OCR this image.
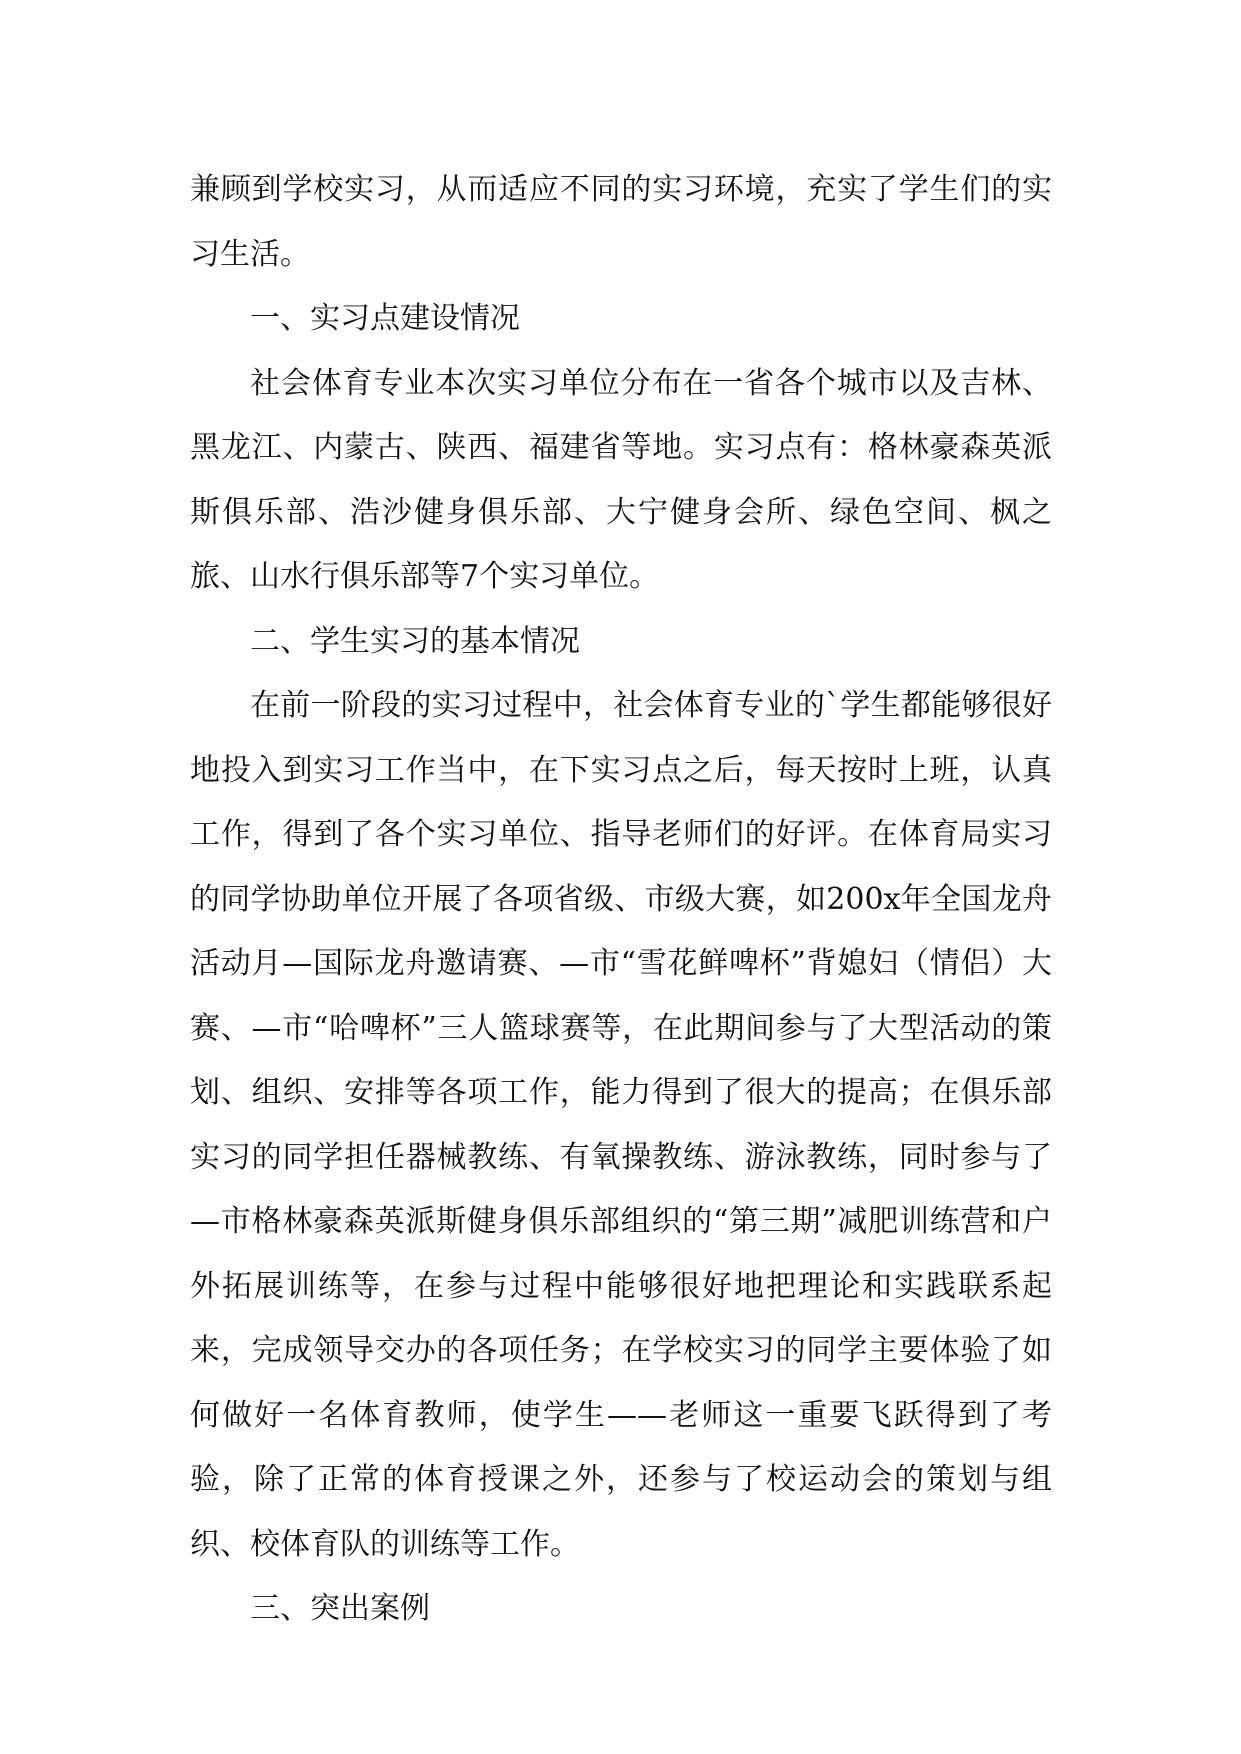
兼顾到学校实习，从而适应不同的实习环境，充实了学生们的实习生活。

一、实习点建设情况

社会体育专业本次实习单位分布在一省各个城市以及吉林、黑龙江、内蒙古、陕西、福建省等地。实习点有：格林豪森英派斯俱乐部、浩沙健身俱乐部、大宁健身会所、绿色空间、枫之旅、山水行俱乐部等7个实习单位。

二、学生实习的基本情况

在前一阶段的实习过程中，社会体育专业的`学生都能够很好地投入到实习工作当中，在下实习点之后，每天按时上班，认真工作，得到了各个实习单位、指导老师们的好评。在体育局实习的同学协助单位开展了各项省级、市级大赛，如200x年全国龙舟活动月—国际龙舟邀请赛、—市“雪花鲜啤杯”背媳妇（情侣）大赛、—市“哈啤杯”三人篮球赛等，在此期间参与了大型活动的策划、组织、安排等各项工作，能力得到了很大的提高；在俱乐部实习的同学担任器械教练、有氧操教练、游泳教练，同时参与了—市格林豪森英派斯健身俱乐部组织的“第三期”减肥训练营和户外拓展训练等，在参与过程中能够很好地把理论和实践联系起来，完成领导交办的各项任务；在学校实习的同学主要体验了如何做好一名体育教师，使学生——老师这一重要飞跃得到了考验，除了正常的体育授课之外，还参与了校运动会的策划与组织、校体育队的训练等工作。

三、突出案例
